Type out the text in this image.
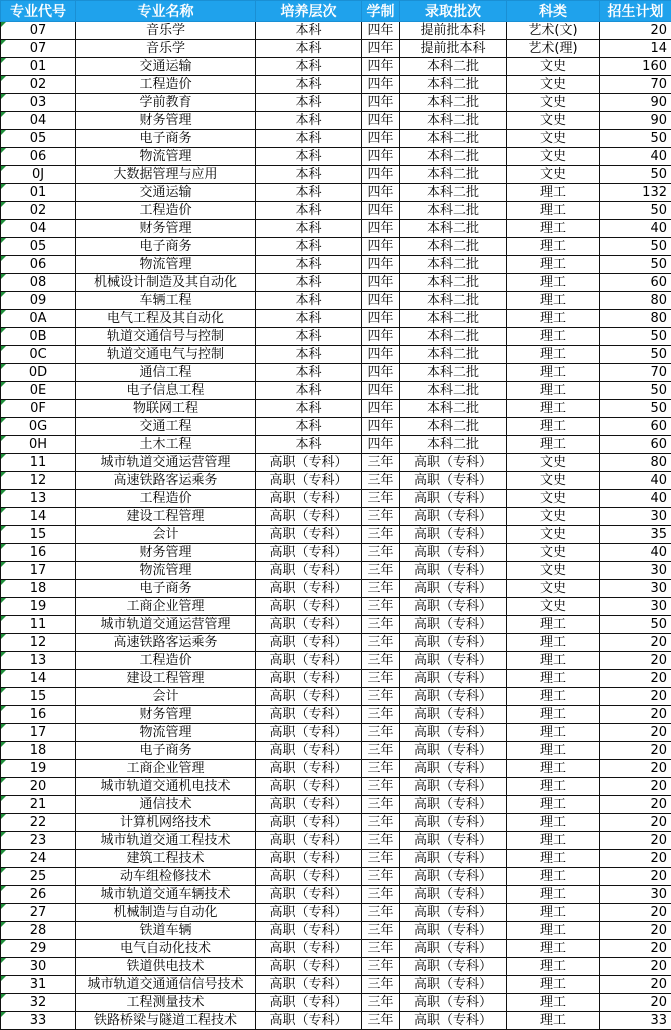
专业代号	专业名称	培养层次	学制	录取批次	科类	招生计划
07	音乐学	本科	四年	提前批本科	艺术(文)	20
07	音乐学	本科	四年	提前批本科	艺术(理)	14
01	交通运输	本科	四年	本科二批	文史	160
02	工程造价	本科	四年	本科二批	文史	70
03	学前教育	本科	四年	本科二批	文史	90
04	财务管理	本科	四年	本科二批	文史	90
05	电子商务	本科	四年	本科二批	文史	50
06	物流管理	本科	四年	本科二批	文史	40
0J	大数据管理与应用	本科	四年	本科二批	文史	50
01	交通运输	本科	四年	本科二批	理工	132
02	工程造价	本科	四年	本科二批	理工	50
04	财务管理	本科	四年	本科二批	理工	40
05	电子商务	本科	四年	本科二批	理工	50
06	物流管理	本科	四年	本科二批	理工	50
08	机械设计制造及其自动化	本科	四年	本科二批	理工	60
09	车辆工程	本科	四年	本科二批	理工	80
0A	电气工程及其自动化	本科	四年	本科二批	理工	80
0B	轨道交通信号与控制	本科	四年	本科二批	理工	50
0C	轨道交通电气与控制	本科	四年	本科二批	理工	50
0D	通信工程	本科	四年	本科二批	理工	70
0E	电子信息工程	本科	四年	本科二批	理工	50
0F	物联网工程	本科	四年	本科二批	理工	50
0G	交通工程	本科	四年	本科二批	理工	60
0H	土木工程	本科	四年	本科二批	理工	60
11	城市轨道交通运营管理	高职（专科）	三年	高职（专科）	文史	80
12	高速铁路客运乘务	高职（专科）	三年	高职（专科）	文史	40
13	工程造价	高职（专科）	三年	高职（专科）	文史	40
14	建设工程管理	高职（专科）	三年	高职（专科）	文史	30
15	会计	高职（专科）	三年	高职（专科）	文史	35
16	财务管理	高职（专科）	三年	高职（专科）	文史	40
17	物流管理	高职（专科）	三年	高职（专科）	文史	30
18	电子商务	高职（专科）	三年	高职（专科）	文史	30
19	工商企业管理	高职（专科）	三年	高职（专科）	文史	30
11	城市轨道交通运营管理	高职（专科）	三年	高职（专科）	理工	50
12	高速铁路客运乘务	高职（专科）	三年	高职（专科）	理工	20
13	工程造价	高职（专科）	三年	高职（专科）	理工	20
14	建设工程管理	高职（专科）	三年	高职（专科）	理工	20
15	会计	高职（专科）	三年	高职（专科）	理工	20
16	财务管理	高职（专科）	三年	高职（专科）	理工	20
17	物流管理	高职（专科）	三年	高职（专科）	理工	20
18	电子商务	高职（专科）	三年	高职（专科）	理工	20
19	工商企业管理	高职（专科）	三年	高职（专科）	理工	20
20	城市轨道交通机电技术	高职（专科）	三年	高职（专科）	理工	20
21	通信技术	高职（专科）	三年	高职（专科）	理工	20
22	计算机网络技术	高职（专科）	三年	高职（专科）	理工	20
23	城市轨道交通工程技术	高职（专科）	三年	高职（专科）	理工	20
24	建筑工程技术	高职（专科）	三年	高职（专科）	理工	20
25	动车组检修技术	高职（专科）	三年	高职（专科）	理工	20
26	城市轨道交通车辆技术	高职（专科）	三年	高职（专科）	理工	30
27	机械制造与自动化	高职（专科）	三年	高职（专科）	理工	20
28	铁道车辆	高职（专科）	三年	高职（专科）	理工	20
29	电气自动化技术	高职（专科）	三年	高职（专科）	理工	20
30	铁道供电技术	高职（专科）	三年	高职（专科）	理工	20
31	城市轨道交通通信信号技术	高职（专科）	三年	高职（专科）	理工	20
32	工程测量技术	高职（专科）	三年	高职（专科）	理工	20
33	铁路桥梁与隧道工程技术	高职（专科）	三年	高职（专科）	理工	33
